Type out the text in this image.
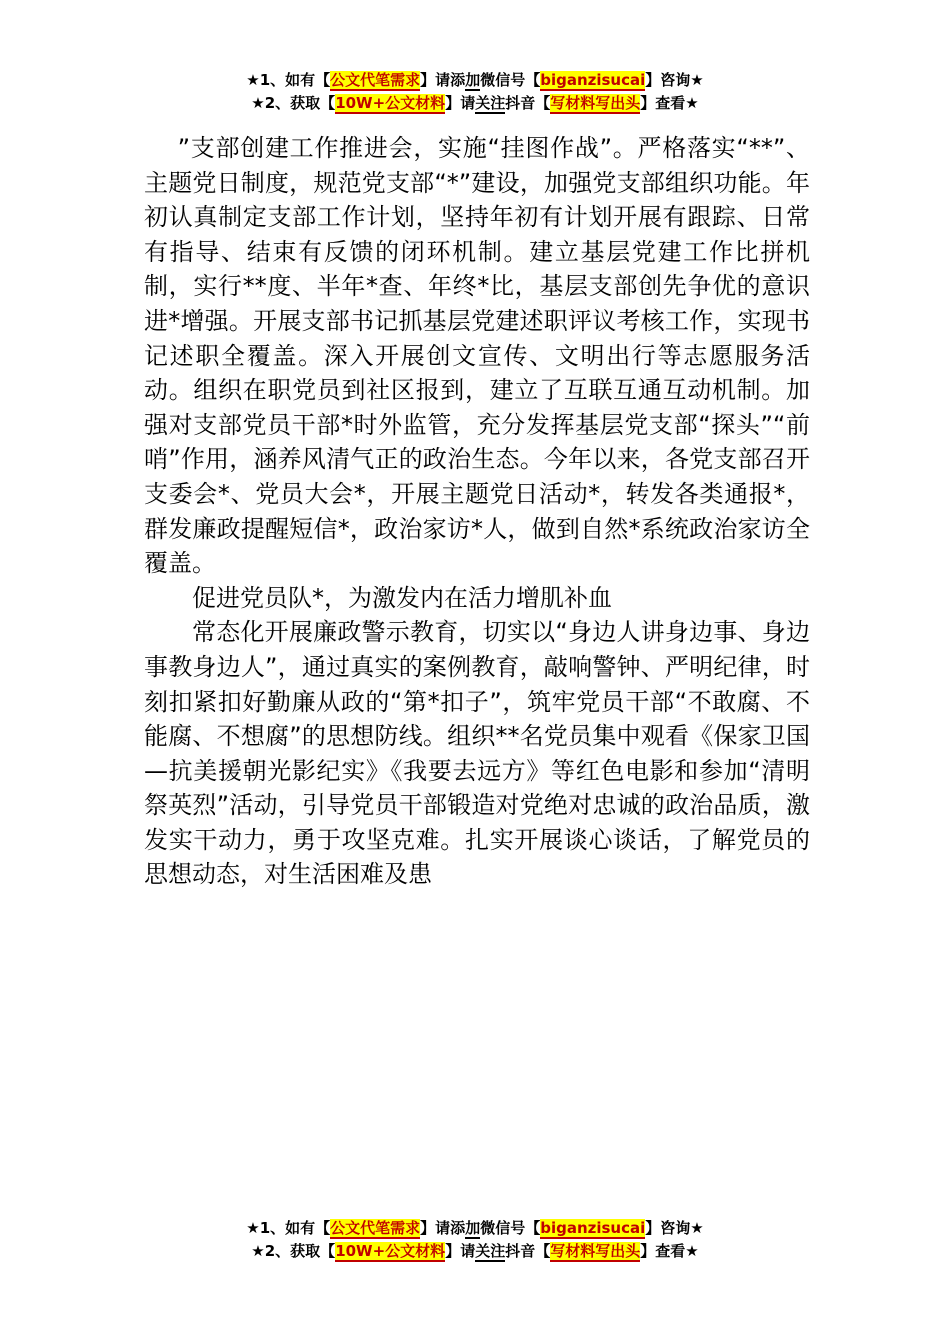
★1、如有【公文代笔需求】请添加微信号【biganzisucai】咨询★
★2、获取【10W+公文材料】请关注抖音【写材料写出头】查看★

”支部创建工作推进会，实施“挂图作战”。严格落实“**”、主题党日制度，规范党支部“*”建设，加强党支部组织功能。年初认真制定支部工作计划，坚持年初有计划开展有跟踪、日常有指导、结束有反馈的闭环机制。建立基层党建工作比拼机制，实行**度、半年*查、年终*比，基层支部创先争优的意识进*增强。开展支部书记抓基层党建述职评议考核工作，实现书记述职全覆盖。深入开展创文宣传、文明出行等志愿服务活动。组织在职党员到社区报到，建立了互联互通互动机制。加强对支部党员干部*时外监管，充分发挥基层党支部“探头”“前哨”作用，涵养风清气正的政治生态。今年以来，各党支部召开支委会*、党员大会*，开展主题党日活动*，转发各类通报*，群发廉政提醒短信*，政治家访*人，做到自然*系统政治家访全覆盖。

促进党员队*，为激发内在活力增肌补血

常态化开展廉政警示教育，切实以“身边人讲身边事、身边事教身边人”，通过真实的案例教育，敲响警钟、严明纪律，时刻扣紧扣好勤廉从政的“第*扣子”，筑牢党员干部“不敢腐、不能腐、不想腐”的思想防线。组织**名党员集中观看《保家卫国—抗美援朝光影纪实》《我要去远方》等红色电影和参加“清明祭英烈”活动，引导党员干部锻造对党绝对忠诚的政治品质，激发实干动力，勇于攻坚克难。扎实开展谈心谈话，了解党员的思想动态，对生活困难及患

★1、如有【公文代笔需求】请添加微信号【biganzisucai】咨询★
★2、获取【10W+公文材料】请关注抖音【写材料写出头】查看★
